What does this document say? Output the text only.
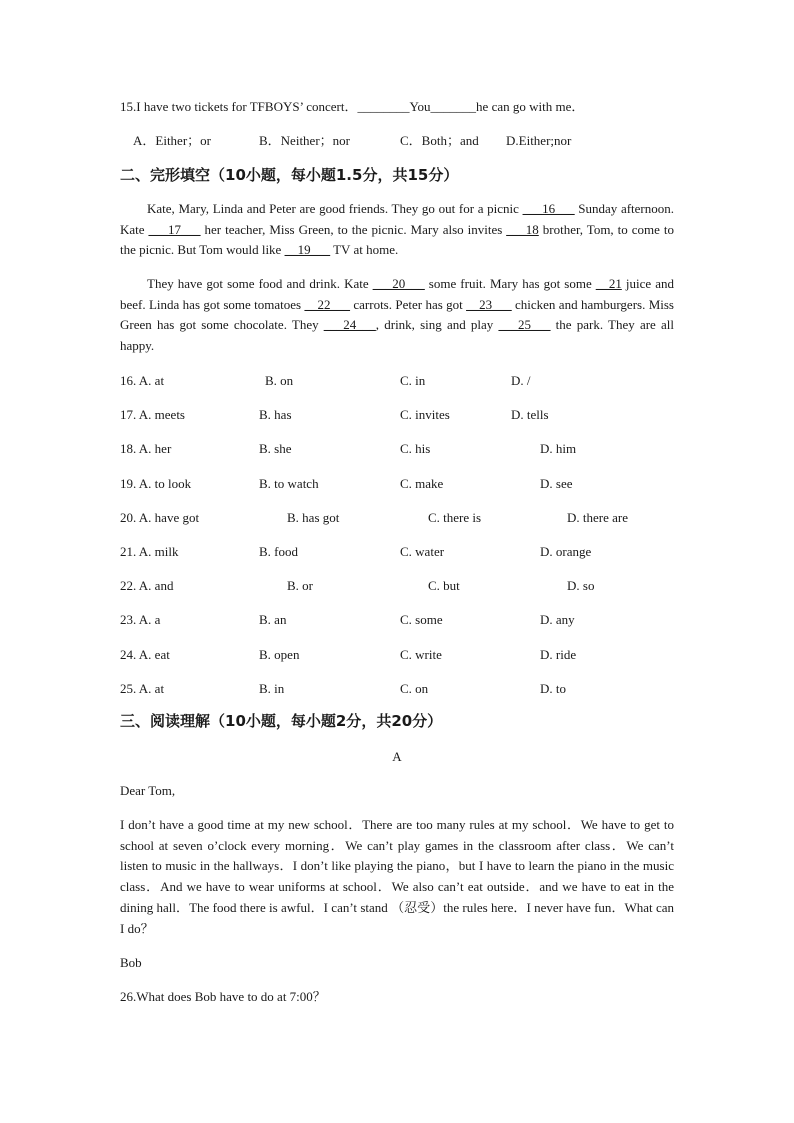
15.I have two tickets for TFBOYS’ concert．________You_______he can go with me．
A．Either；or	B．Neither；nor	C．Both；and D.Either;nor
二、完形填空（10小题，每小题1.5分，共15分）
Kate, Mary, Linda and Peter are good friends. They go out for a picnic ___16___ Sunday afternoon. Kate ___17___ her teacher, Miss Green, to the picnic. Mary also invites ___18 brother, Tom, to come to the picnic. But Tom would like __19___ TV at home.
They have got some food and drink. Kate ___20___ some fruit. Mary has got some __21 juice and beef. Linda has got some tomatoes __22___ carrots. Peter has got __23___ chicken and hamburgers. Miss Green has got some chocolate. They ___24___, drink, sing and play ___25___ the park. They are all happy.
16. A. at	B. on	C. in	D. /
17. A. meets	B. has	C. invites	D. tells
18. A. her	B. she	C. his	D. him
19. A. to look	B. to watch	C. make	D. see
20. A. have got	B. has got	C. there is	D. there are
21. A. milk	B. food	C. water	D. orange
22. A. and	B. or	C. but	D. so
23. A. a	B. an	C. some	D. any
24. A. eat	B. open	C. write	D. ride
25. A. at	B. in	C. on	D. to
三、阅读理解（10小题，每小题2分，共20分）
A
Dear Tom,
I don’t have a good time at my new school．There are too many rules at my school．We have to get to school at seven o’clock every morning．We can’t play games in the classroom after class．We can’t listen to music in the hallways．I don’t like playing the piano，but I have to learn the piano in the music class．And we have to wear uniforms at school．We also can’t eat outside．and we have to eat in the dining hall．The food there is awful．I can’t stand （忍受）the rules here．I never have fun．What can I do？
Bob
26.What does Bob have to do at 7:00？
